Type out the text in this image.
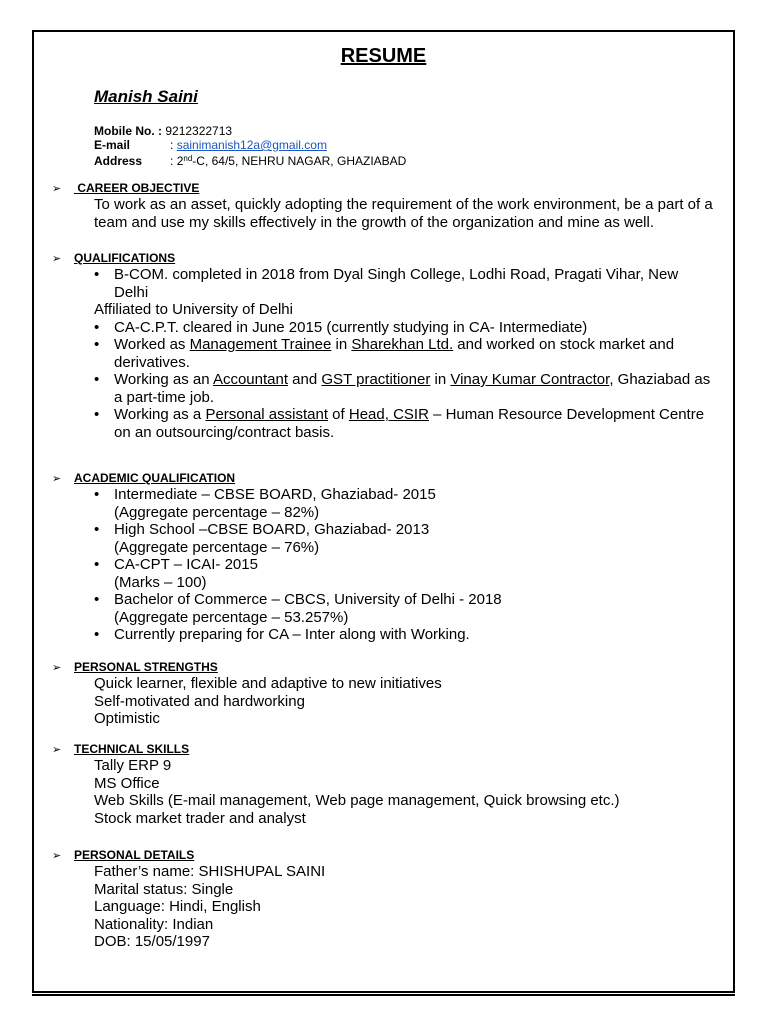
RESUME
Manish Saini
Mobile No. : 9212322713
E-mail	: sainimanish12a@gmail.com
Address : 2nd-C, 64/5, NEHRU NAGAR, GHAZIABAD
➢ CAREER OBJECTIVE
To work as an asset, quickly adopting the requirement of the work environment, be a part of a team and use my skills effectively in the growth of the organization and mine as well.
➢ QUALIFICATIONS
• B-COM. completed in 2018 from Dyal Singh College, Lodhi Road, Pragati Vihar, New Delhi
Affiliated to University of Delhi
• CA-C.P.T. cleared in June 2015 (currently studying in CA- Intermediate)
• Worked as Management Trainee in Sharekhan Ltd. and worked on stock market and derivatives.
• Working as an Accountant and GST practitioner in Vinay Kumar Contractor, Ghaziabad as a part-time job.
• Working as a Personal assistant of Head, CSIR – Human Resource Development Centre on an outsourcing/contract basis.
➢ ACADEMIC QUALIFICATION
• Intermediate – CBSE BOARD, Ghaziabad- 2015
(Aggregate percentage – 82%)
• High School –CBSE BOARD, Ghaziabad- 2013
(Aggregate percentage – 76%)
• CA-CPT – ICAI- 2015
(Marks – 100)
• Bachelor of Commerce – CBCS, University of Delhi - 2018
(Aggregate percentage – 53.257%)
• Currently preparing for CA – Inter along with Working.
➢ PERSONAL STRENGTHS
Quick learner, flexible and adaptive to new initiatives
Self-motivated and hardworking
Optimistic
➢ TECHNICAL SKILLS
Tally ERP 9
MS Office
Web Skills (E-mail management, Web page management, Quick browsing etc.)
Stock market trader and analyst
➢ PERSONAL DETAILS
Father’s name: SHISHUPAL SAINI
Marital status: Single
Language: Hindi, English
Nationality: Indian
DOB: 15/05/1997
